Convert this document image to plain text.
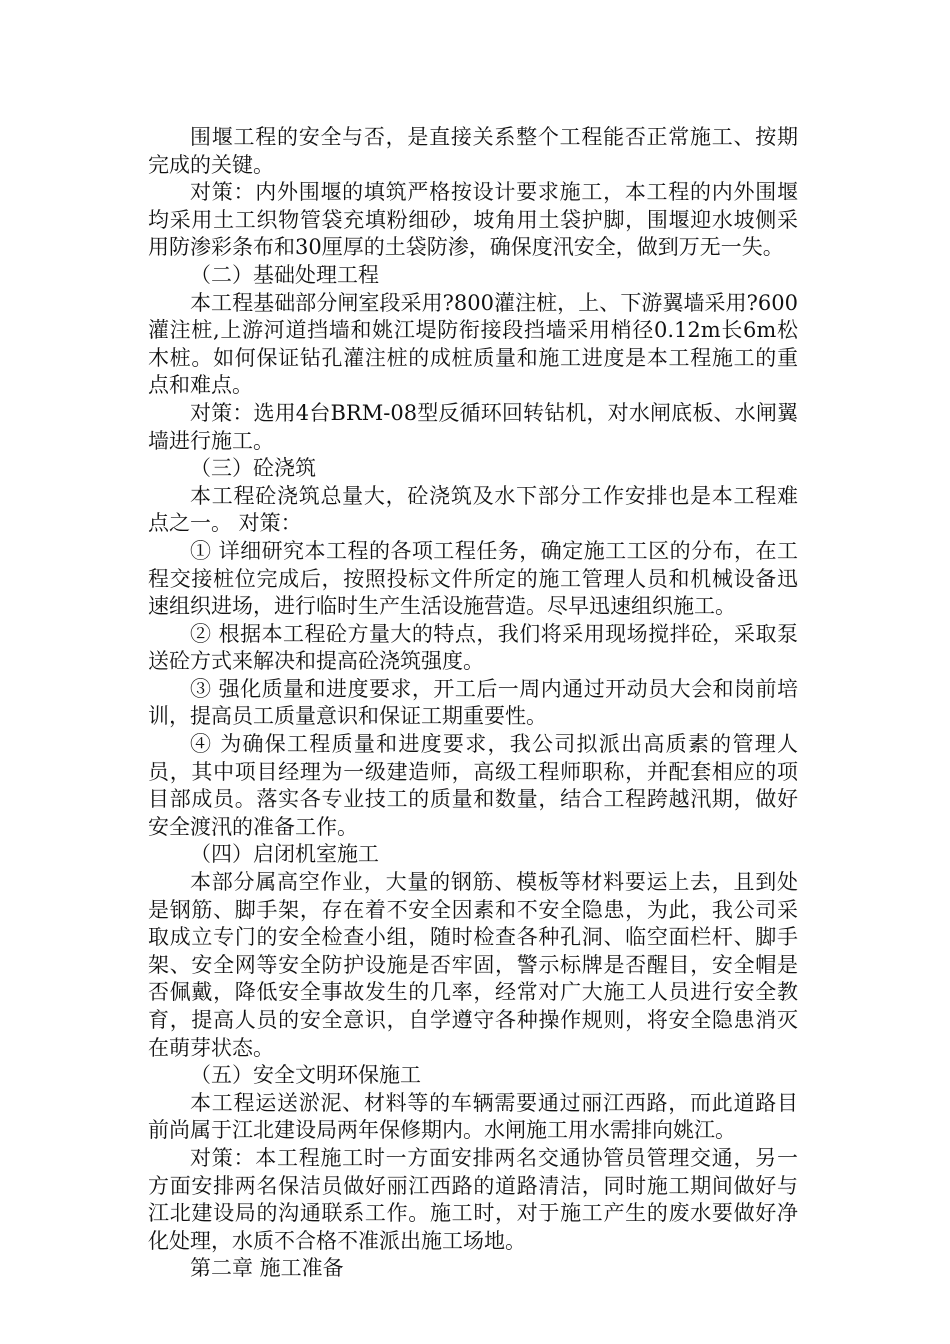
围堰工程的安全与否，是直接关系整个工程能否正常施工、按期完成的关键。

对策：内外围堰的填筑严格按设计要求施工，本工程的内外围堰均采用土工织物管袋充填粉细砂，坡角用土袋护脚，围堰迎水坡侧采用防渗彩条布和30厘厚的土袋防渗，确保度汛安全，做到万无一失。

（二）基础处理工程

本工程基础部分闸室段采用?800灌注桩，上、下游翼墙采用?600灌注桩,上游河道挡墙和姚江堤防衔接段挡墙采用梢径0.12m长6m松木桩。如何保证钻孔灌注桩的成桩质量和施工进度是本工程施工的重点和难点。

对策：选用4台BRM-08型反循环回转钻机，对水闸底板、水闸翼墙进行施工。

（三）砼浇筑

本工程砼浇筑总量大，砼浇筑及水下部分工作安排也是本工程难点之一。 对策：

① 详细研究本工程的各项工程任务，确定施工工区的分布，在工程交接桩位完成后，按照投标文件所定的施工管理人员和机械设备迅速组织进场，进行临时生产生活设施营造。尽早迅速组织施工。

② 根据本工程砼方量大的特点，我们将采用现场搅拌砼，采取泵送砼方式来解决和提高砼浇筑强度。

③ 强化质量和进度要求，开工后一周内通过开动员大会和岗前培训，提高员工质量意识和保证工期重要性。

④ 为确保工程质量和进度要求，我公司拟派出高质素的管理人员，其中项目经理为一级建造师，高级工程师职称，并配套相应的项目部成员。落实各专业技工的质量和数量，结合工程跨越汛期，做好安全渡汛的准备工作。

（四）启闭机室施工

本部分属高空作业，大量的钢筋、模板等材料要运上去，且到处是钢筋、脚手架，存在着不安全因素和不安全隐患，为此，我公司采取成立专门的安全检查小组，随时检查各种孔洞、临空面栏杆、脚手架、安全网等安全防护设施是否牢固，警示标牌是否醒目，安全帽是否佩戴，降低安全事故发生的几率，经常对广大施工人员进行安全教育，提高人员的安全意识，自学遵守各种操作规则，将安全隐患消灭在萌芽状态。

（五）安全文明环保施工

本工程运送淤泥、材料等的车辆需要通过丽江西路，而此道路目前尚属于江北建设局两年保修期内。水闸施工用水需排向姚江。

对策：本工程施工时一方面安排两名交通协管员管理交通，另一方面安排两名保洁员做好丽江西路的道路清洁，同时施工期间做好与江北建设局的沟通联系工作。施工时，对于施工产生的废水要做好净化处理，水质不合格不准派出施工场地。

第二章 施工准备
